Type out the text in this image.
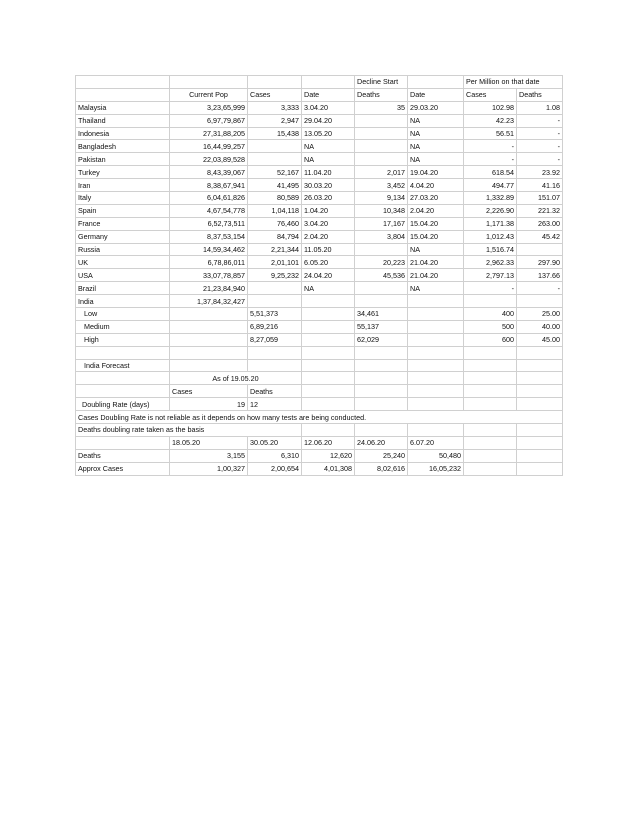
				Decline Start		Per Million on that date	
	Current Pop	Cases	Date	Deaths	Date	Cases	Deaths
Malaysia	3,23,65,999	3,333	3.04.20	35	29.03.20	102.98	1.08
Thailand	6,97,79,867	2,947	29.04.20		NA	42.23	-
Indonesia	27,31,88,205	15,438	13.05.20		NA	56.51	-
Bangladesh	16,44,99,257		NA		NA	-	-
Pakistan	22,03,89,528		NA		NA	-	-
Turkey	8,43,39,067	52,167	11.04.20	2,017	19.04.20	618.54	23.92
Iran	8,38,67,941	41,495	30.03.20	3,452	4.04.20	494.77	41.16
Italy	6,04,61,826	80,589	26.03.20	9,134	27.03.20	1,332.89	151.07
Spain	4,67,54,778	1,04,118	1.04.20	10,348	2.04.20	2,226.90	221.32
France	6,52,73,511	76,460	3.04.20	17,167	15.04.20	1,171.38	263.00
Germany	8,37,53,154	84,794	2.04.20	3,804	15.04.20	1,012.43	45.42
Russia	14,59,34,462	2,21,344	11.05.20		NA	1,516.74	
UK	6,78,86,011	2,01,101	6.05.20	20,223	21.04.20	2,962.33	297.90
USA	33,07,78,857	9,25,232	24.04.20	45,536	21.04.20	2,797.13	137.66
Brazil	21,23,84,940		NA		NA	-	-
India	1,37,84,32,427						
Low		5,51,373		34,461		400	25.00
Medium		6,89,216		55,137		500	40.00
High		8,27,059		62,029		600	45.00

India Forecast							
	As of 19.05.20						
	Cases	Deaths					
Doubling Rate (days)	19	12					
Cases Doubling Rate is not reliable as it depends on how many tests are being conducted.							
Deaths doubling rate taken as the basis							
	18.05.20	30.05.20	12.06.20	24.06.20	6.07.20		
Deaths	3,155	6,310	12,620	25,240	50,480		
Approx Cases	1,00,327	2,00,654	4,01,308	8,02,616	16,05,232		
